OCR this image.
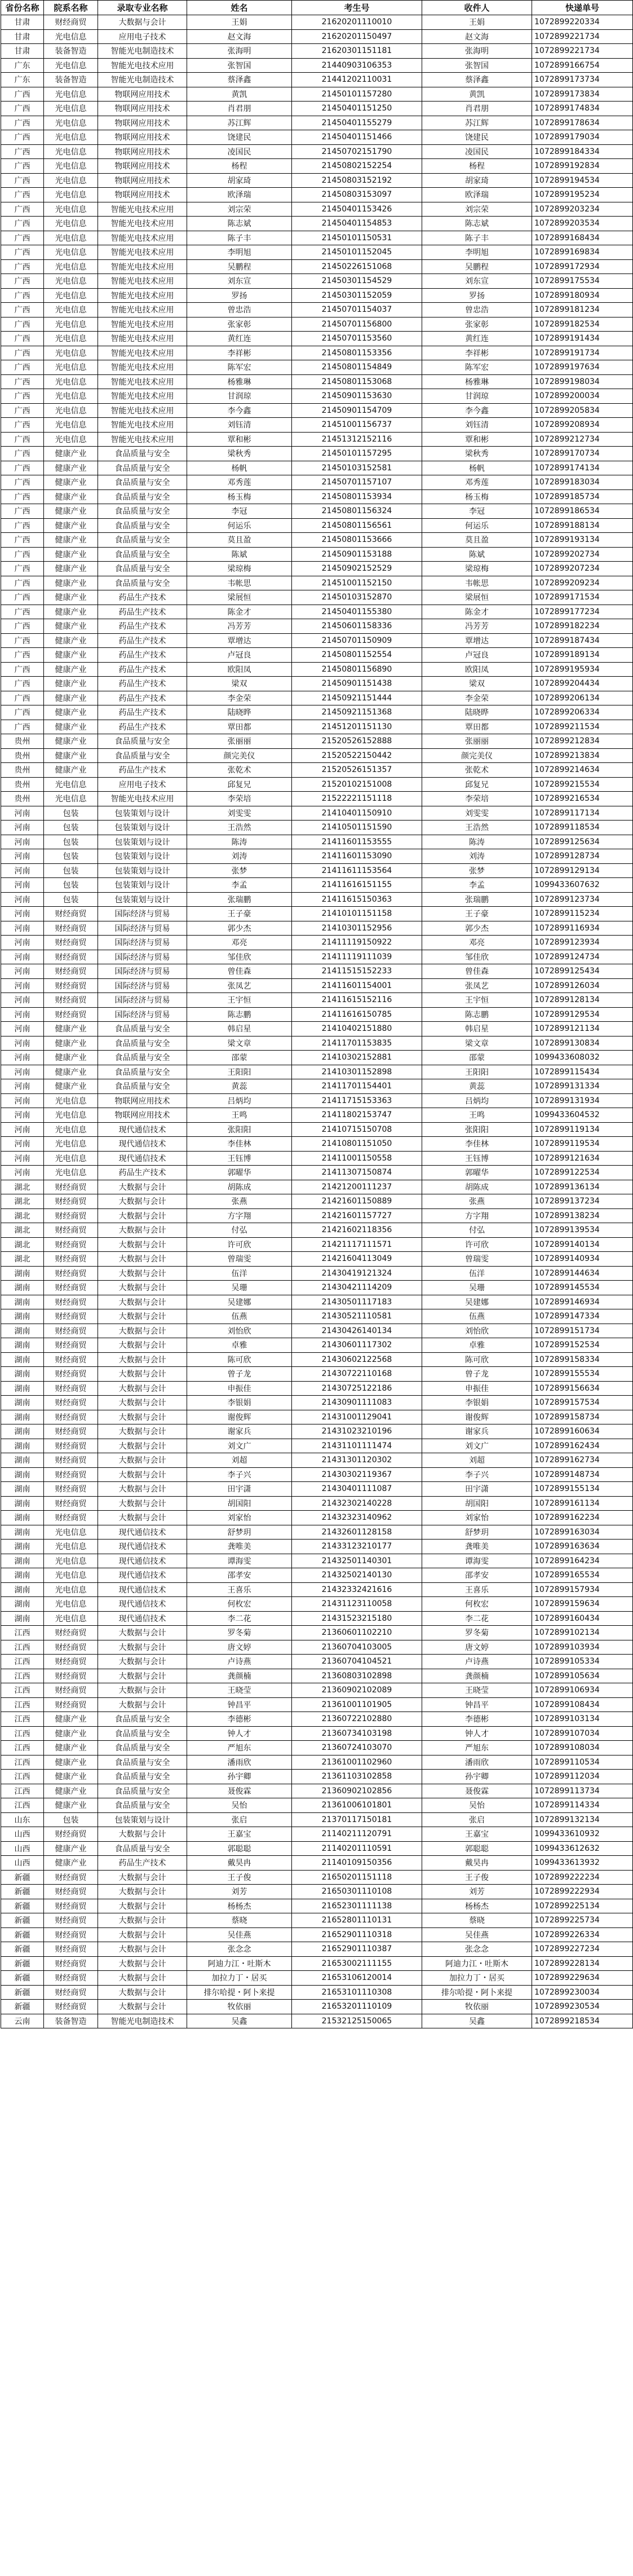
省份名称	院系名称	录取专业名称	姓名	考生号	收件人	快递单号
甘肃	财经商贸	大数据与会计	王娟	21620201110010	王娟	1072899220334
甘肃	光电信息	应用电子技术	赵文海	21620201150497	赵文海	1072899221734
甘肃	装备智造	智能光电制造技术	张海明	21620301151181	张海明	1072899221734
广东	光电信息	智能光电技术应用	张智国	21440903106353	张智国	1072899166754
广东	装备智造	智能光电制造技术	蔡泽鑫	21441202110031	蔡泽鑫	1072899173734
广西	光电信息	物联网应用技术	黄凯	21450101157280	黄凯	1072899173834
广西	光电信息	物联网应用技术	肖君朋	21450401151250	肖君朋	1072899174834
广西	光电信息	物联网应用技术	苏江辉	21450401155279	苏江辉	1072899178634
广西	光电信息	物联网应用技术	饶建民	21450401151466	饶建民	1072899179034
广西	光电信息	物联网应用技术	凌国民	21450702151790	凌国民	1072899184334
广西	光电信息	物联网应用技术	杨程	21450802152254	杨程	1072899192834
广西	光电信息	物联网应用技术	胡家琦	21450803152192	胡家琦	1072899194534
广西	光电信息	物联网应用技术	欧泽瑞	21450803153097	欧泽瑞	1072899195234
广西	光电信息	智能光电技术应用	刘宗荣	21450401153426	刘宗荣	1072899203234
广西	光电信息	智能光电技术应用	陈志斌	21450401154853	陈志斌	1072899203534
广西	光电信息	智能光电技术应用	陈子丰	21450101150531	陈子丰	1072899168434
广西	光电信息	智能光电技术应用	李明旭	21450101152045	李明旭	1072899169834
广西	光电信息	智能光电技术应用	吴鹏程	21450226151068	吴鹏程	1072899172934
广西	光电信息	智能光电技术应用	刘东宣	21450301154529	刘东宣	1072899175534
广西	光电信息	智能光电技术应用	罗扬	21450301152059	罗扬	1072899180934
广西	光电信息	智能光电技术应用	曾忠浩	21450701154037	曾忠浩	1072899181234
广西	光电信息	智能光电技术应用	张家彰	21450701156800	张家彰	1072899182534
广西	光电信息	智能光电技术应用	黄红连	21450701153560	黄红连	1072899191434
广西	光电信息	智能光电技术应用	李祥彬	21450801153356	李祥彬	1072899191734
广西	光电信息	智能光电技术应用	陈军宏	21450801154849	陈军宏	1072899197634
广西	光电信息	智能光电技术应用	杨雅琳	21450801153068	杨雅琳	1072899198034
广西	光电信息	智能光电技术应用	甘润琼	21450901153630	甘润琼	1072899200034
广西	光电信息	智能光电技术应用	李今鑫	21450901154709	李今鑫	1072899205834
广西	光电信息	智能光电技术应用	刘钰清	21451001156737	刘钰清	1072899208934
广西	光电信息	智能光电技术应用	覃和彬	21451312152116	覃和彬	1072899212734
广西	健康产业	食品质量与安全	梁秋秀	21450101157295	梁秋秀	1072899170734
广西	健康产业	食品质量与安全	杨帆	21450103152581	杨帆	1072899174134
广西	健康产业	食品质量与安全	邓秀莲	21450701157107	邓秀莲	1072899183034
广西	健康产业	食品质量与安全	杨玉梅	21450801153934	杨玉梅	1072899185734
广西	健康产业	食品质量与安全	李冠	21450801156324	李冠	1072899186534
广西	健康产业	食品质量与安全	何运乐	21450801156561	何运乐	1072899188134
广西	健康产业	食品质量与安全	莫且盈	21450801153666	莫且盈	1072899193134
广西	健康产业	食品质量与安全	陈斌	21450901153188	陈斌	1072899202734
广西	健康产业	食品质量与安全	梁琼梅	21450902152529	梁琼梅	1072899207234
广西	健康产业	食品质量与安全	韦帐思	21451001152150	韦帐思	1072899209234
广西	健康产业	药品生产技术	梁展恒	21450103152870	梁展恒	1072899171534
广西	健康产业	药品生产技术	陈金才	21450401155380	陈金才	1072899177234
广西	健康产业	药品生产技术	冯芳芳	21450601158336	冯芳芳	1072899182234
广西	健康产业	药品生产技术	覃增达	21450701150909	覃增达	1072899187434
广西	健康产业	药品生产技术	卢冠良	21450801152554	卢冠良	1072899189134
广西	健康产业	药品生产技术	欧阳凤	21450801156890	欧阳凤	1072899195934
广西	健康产业	药品生产技术	梁双	21450901151438	梁双	1072899204434
广西	健康产业	药品生产技术	李金荣	21450921151444	李金荣	1072899206134
广西	健康产业	药品生产技术	陆晓晔	21450921151368	陆晓晔	1072899206334
广西	健康产业	药品生产技术	覃田都	21451201151130	覃田都	1072899211534
贵州	健康产业	食品质量与安全	张丽丽	21520526152888	张丽丽	1072899212834
贵州	健康产业	食品质量与安全	颜完美仪	21520522150442	颜完美仪	1072899213834
贵州	健康产业	药品生产技术	张乾术	21520526151357	张乾术	1072899214634
贵州	光电信息	应用电子技术	邱复兄	21520102151008	邱复兄	1072899215534
贵州	光电信息	智能光电技术应用	李荣培	21522221151118	李荣培	1072899216534
河南	包装	包装策划与设计	刘雯雯	21410401150910	刘雯雯	1072899117134
河南	包装	包装策划与设计	王浩然	21410501151590	王浩然	1072899118534
河南	包装	包装策划与设计	陈涛	21411601153555	陈涛	1072899125634
河南	包装	包装策划与设计	刘涛	21411601153090	刘涛	1072899128734
河南	包装	包装策划与设计	张梦	21411611153564	张梦	1072899129134
河南	包装	包装策划与设计	李孟	21411616151155	李孟	1099433607632
河南	包装	包装策划与设计	张瑞鹏	21411615150363	张瑞鹏	1072899123734
河南	财经商贸	国际经济与贸易	王子豪	21410101151158	王子豪	1072899115234
河南	财经商贸	国际经济与贸易	郭少杰	21410301152956	郭少杰	1072899116934
河南	财经商贸	国际经济与贸易	邓亮	21411119150922	邓亮	1072899123934
河南	财经商贸	国际经济与贸易	邹佳欣	21411119111039	邹佳欣	1072899124734
河南	财经商贸	国际经济与贸易	曾佳森	21411515152233	曾佳森	1072899125434
河南	财经商贸	国际经济与贸易	张凤艺	21411601154001	张凤艺	1072899126034
河南	财经商贸	国际经济与贸易	王宇恒	21411615152116	王宇恒	1072899128134
河南	财经商贸	国际经济与贸易	陈志鹏	21411616150785	陈志鹏	1072899129534
河南	健康产业	食品质量与安全	韩启星	21410402151880	韩启星	1072899121134
河南	健康产业	食品质量与安全	梁文章	21411701153835	梁文章	1072899130834
河南	健康产业	食品质量与安全	邵蒙	21410302152881	邵蒙	1099433608032
河南	健康产业	食品质量与安全	王阳阳	21410301152898	王阳阳	1072899115434
河南	健康产业	食品质量与安全	黄蕊	21411701154401	黄蕊	1072899131334
河南	光电信息	物联网应用技术	吕炳均	21411715153363	吕炳均	1072899131934
河南	光电信息	物联网应用技术	王鸣	21411802153747	王鸣	1099433604532
河南	光电信息	现代通信技术	张阳阳	21410715150708	张阳阳	1072899119134
河南	光电信息	现代通信技术	李佳林	21410801151050	李佳林	1072899119534
河南	光电信息	现代通信技术	王钰博	21411001150558	王钰博	1072899121634
河南	光电信息	药品生产技术	郭曜华	21411307150874	郭曜华	1072899122534
湖北	财经商贸	大数据与会计	胡陈成	21421200111237	胡陈成	1072899136134
湖北	财经商贸	大数据与会计	张燕	21421601150889	张燕	1072899137234
湖北	财经商贸	大数据与会计	方字翔	21421601157727	方字翔	1072899138234
湖北	财经商贸	大数据与会计	付弘	21421602118356	付弘	1072899139534
湖北	财经商贸	大数据与会计	许可欣	21421117111571	许可欣	1072899140134
湖北	财经商贸	大数据与会计	曾瑞雯	21421604113049	曾瑞雯	1072899140934
湖南	财经商贸	大数据与会计	伍洋	21430419121324	伍洋	1072899144634
湖南	财经商贸	大数据与会计	吴珊	21430421114209	吴珊	1072899145534
湖南	财经商贸	大数据与会计	吴建娜	21430501117183	吴建娜	1072899146934
湖南	财经商贸	大数据与会计	伍燕	21430521110581	伍燕	1072899147334
湖南	财经商贸	大数据与会计	刘怡欣	21430426140134	刘怡欣	1072899151734
湖南	财经商贸	大数据与会计	卓雅	21430601117302	卓雅	1072899152534
湖南	财经商贸	大数据与会计	陈可欣	21430602122568	陈可欣	1072899158334
湖南	财经商贸	大数据与会计	曾子龙	21430722110168	曾子龙	1072899155534
湖南	财经商贸	大数据与会计	申振佳	21430725122186	申振佳	1072899156634
湖南	财经商贸	大数据与会计	李银娟	21430901111083	李银娟	1072899157534
湖南	财经商贸	大数据与会计	谢俊辉	21431001129041	谢俊辉	1072899158734
湖南	财经商贸	大数据与会计	谢家兵	21431023210196	谢家兵	1072899160634
湖南	财经商贸	大数据与会计	刘文广	21431101111474	刘文广	1072899162434
湖南	财经商贸	大数据与会计	刘超	21431301120302	刘超	1072899162734
湖南	财经商贸	大数据与会计	李子兴	21430302119367	李子兴	1072899148734
湖南	财经商贸	大数据与会计	田宇潇	21430401111087	田宇潇	1072899155134
湖南	财经商贸	大数据与会计	胡国阳	21432302140228	胡国阳	1072899161134
湖南	财经商贸	大数据与会计	刘家怡	21432323140962	刘家怡	1072899162234
湖南	光电信息	现代通信技术	舒梦玥	21432601128158	舒梦玥	1072899163034
湖南	光电信息	现代通信技术	龚唯美	21433123210177	龚唯美	1072899163634
湖南	光电信息	现代通信技术	谭海雯	21432501140301	谭海雯	1072899164234
湖南	光电信息	现代通信技术	邵孝安	21432502140130	邵孝安	1072899165534
湖南	光电信息	现代通信技术	王喜乐	21432332421616	王喜乐	1072899157934
湖南	光电信息	现代通信技术	何枚宏	21431123110058	何枚宏	1072899159634
湖南	光电信息	现代通信技术	李二花	21431523215180	李二花	1072899160434
江西	财经商贸	大数据与会计	罗冬菊	21360601102210	罗冬菊	1072899102134
江西	财经商贸	大数据与会计	唐文婷	21360704103005	唐文婷	1072899103934
江西	财经商贸	大数据与会计	卢诗燕	21360704104521	卢诗燕	1072899105334
江西	财经商贸	大数据与会计	龚颜楠	21360803102898	龚颜楠	1072899105634
江西	财经商贸	大数据与会计	王晓莹	21360902102089	王晓莹	1072899106934
江西	财经商贸	大数据与会计	钟昌平	21361001101905	钟昌平	1072899108434
江西	健康产业	食品质量与安全	李德彬	21360722102880	李德彬	1072899103134
江西	健康产业	食品质量与安全	钟人才	21360734103198	钟人才	1072899107034
江西	健康产业	食品质量与安全	严旭东	21360724103070	严旭东	1072899108034
江西	健康产业	食品质量与安全	潘雨欣	21361001102960	潘雨欣	1072899110534
江西	健康产业	食品质量与安全	孙宇卿	21361103102858	孙宇卿	1072899112034
江西	健康产业	食品质量与安全	聂俊霖	21360902102856	聂俊霖	1072899113734
江西	健康产业	食品质量与安全	吴怡	21361006101801	吴怡	1072899114334
山东	包装	包装策划与设计	张启	21370117150181	张启	1072899132134
山西	财经商贸	大数据与会计	王嘉宝	21140211120791	王嘉宝	1099433610932
山西	健康产业	食品质量与安全	郭聪聪	21140201110591	郭聪聪	1099433612632
山西	健康产业	药品生产技术	戴昊冉	21140109150356	戴昊冉	1099433613932
新疆	财经商贸	大数据与会计	王子俊	21650201151118	王子俊	1072899222234
新疆	财经商贸	大数据与会计	刘芳	21650301110108	刘芳	1072899222934
新疆	财经商贸	大数据与会计	杨杨杰	21652301111138	杨杨杰	1072899225134
新疆	财经商贸	大数据与会计	蔡晓	21652801110131	蔡晓	1072899225734
新疆	财经商贸	大数据与会计	吴佳燕	21652901110318	吴佳燕	1072899226334
新疆	财经商贸	大数据与会计	张念念	21652901110387	张念念	1072899227234
新疆	财经商贸	大数据与会计	阿迪力江・吐斯木	21653002111155	阿迪力江・吐斯木	1072899228134
新疆	财经商贸	大数据与会计	加拉力丁・居买	21653106120014	加拉力丁・居买	1072899229634
新疆	财经商贸	大数据与会计	排尔哈提・阿卜来提	21653101110308	排尔哈提・阿卜来提	1072899230034
新疆	财经商贸	大数据与会计	牧依丽	21653201110109	牧依丽	1072899230534
云南	装备智造	智能光电制造技术	吴鑫	21532125150065	吴鑫	1072899218534
